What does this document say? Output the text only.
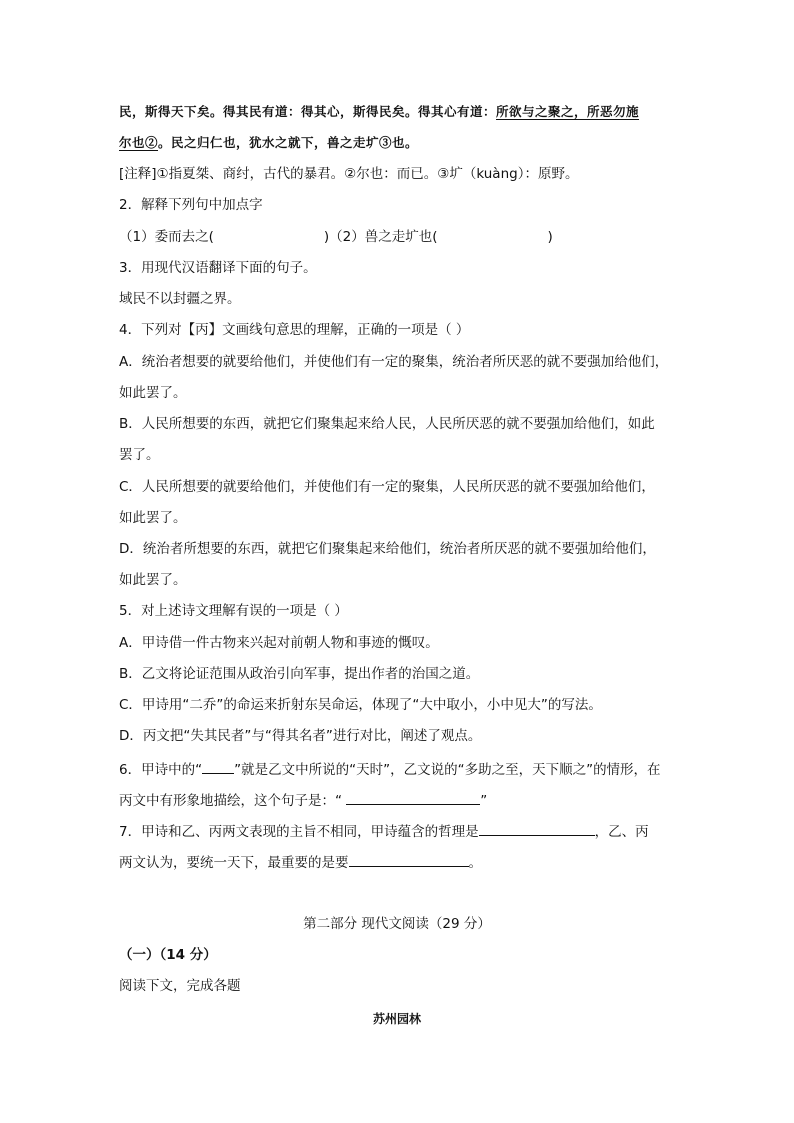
民，斯得天下矣。得其民有道：得其心，斯得民矣。得其心有道：所欲与之聚之，所恶勿施
尔也②。民之归仁也，犹水之就下，兽之走圹③也。
[注释]①指夏桀、商纣，古代的暴君。②尔也：而已。③圹（kuàng）：原野。
2．解释下列句中加点字
（1）委而去之(	)（2）兽之走圹也(	)
3．用现代汉语翻译下面的句子。
域民不以封疆之界。
4．下列对【丙】文画线句意思的理解，正确的一项是（ ）
A．统治者想要的就要给他们，并使他们有一定的聚集，统治者所厌恶的就不要强加给他们，
如此罢了。
B．人民所想要的东西，就把它们聚集起来给人民，人民所厌恶的就不要强加给他们，如此
罢了。
C．人民所想要的就要给他们，并使他们有一定的聚集，人民所厌恶的就不要强加给他们，
如此罢了。
D．统治者所想要的东西，就把它们聚集起来给他们，统治者所厌恶的就不要强加给他们，
如此罢了。
5．对上述诗文理解有误的一项是（ ）
A．甲诗借一件古物来兴起对前朝人物和事迹的慨叹。
B．乙文将论证范围从政治引向军事，提出作者的治国之道。
C．甲诗用“二乔”的命运来折射东吴命运，体现了“大中取小，小中见大”的写法。
D．丙文把“失其民者”与“得其名者”进行对比，阐述了观点。
6．甲诗中的“ ”就是乙文中所说的“天时”，乙文说的“多助之至，天下顺之”的情形，在
丙文中有形象地描绘，这个句子是：“	”
7．甲诗和乙、丙两文表现的主旨不相同，甲诗蕴含的哲理是	，乙、丙
两文认为，要统一天下，最重要的是要	。
第二部分 现代文阅读（29 分）
（一）（14 分）
阅读下文，完成各题
苏州园林
